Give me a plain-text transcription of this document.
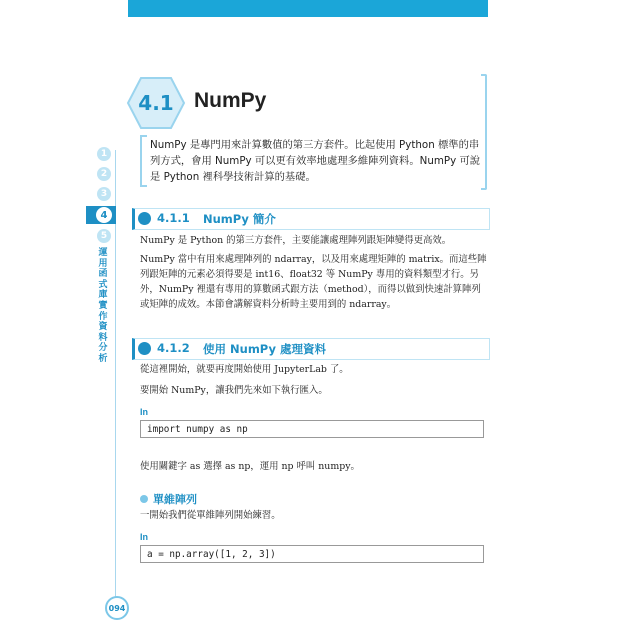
4.1 NumPy
NumPy 是專門用來計算數值的第三方套件。比起使用 Python 標準的串列方式，會用 NumPy 可以更有效率地處理多維陣列資料。NumPy 可說是 Python 裡科學技術計算的基礎。
1
2
3
4
5
運用函式庫實作資料分析
094
4.1.1 NumPy 簡介
NumPy 是 Python 的第三方套件，主要能讓處理陣列跟矩陣變得更高效。
NumPy 當中有用來處理陣列的 ndarray，以及用來處理矩陣的 matrix。而這些陣列跟矩陣的元素必須得要是 int16、float32 等 NumPy 專用的資料類型才行。另外，NumPy 裡還有專用的算數函式跟方法（method），而得以做到快速計算陣列或矩陣的成效。本節會講解資料分析時主要用到的 ndarray。
4.1.2 使用 NumPy 處理資料
從這裡開始，就要再度開始使用 JupyterLab 了。
要開始 NumPy，讓我們先來如下執行匯入。
In
import numpy as np
使用關鍵字 as 選擇 as np，運用 np 呼叫 numpy。
單維陣列
一開始我們從單維陣列開始練習。
In
a = np.array([1, 2, 3])
